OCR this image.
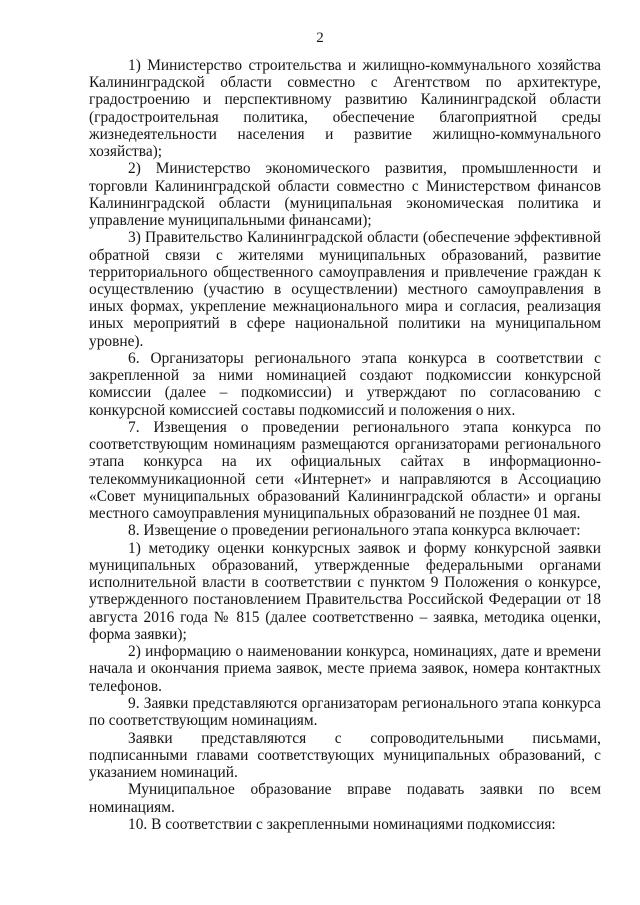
2

1) Министерство строительства и жилищно-коммунального хозяйства Калининградской области совместно с Агентством по архитектуре, градостроению и перспективному развитию Калининградской области (градостроительная политика, обеспечение благоприятной среды жизнедеятельности населения и развитие жилищно-коммунального хозяйства);

2) Министерство экономического развития, промышленности и торговли Калининградской области совместно с Министерством финансов Калининградской области (муниципальная экономическая политика и управление муниципальными финансами);

3) Правительство Калининградской области (обеспечение эффективной обратной связи с жителями муниципальных образований, развитие территориального общественного самоуправления и привлечение граждан к осуществлению (участию в осуществлении) местного самоуправления в иных формах, укрепление межнационального мира и согласия, реализация иных мероприятий в сфере национальной политики на муниципальном уровне).

6. Организаторы регионального этапа конкурса в соответствии с закрепленной за ними номинацией создают подкомиссии конкурсной комиссии (далее – подкомиссии) и утверждают по согласованию с конкурсной комиссией составы подкомиссий и положения о них.

7. Извещения о проведении регионального этапа конкурса по соответствующим номинациям размещаются организаторами регионального этапа конкурса на их официальных сайтах в информационно-телекоммуникационной сети «Интернет» и направляются в Ассоциацию «Совет муниципальных образований Калининградской области» и органы местного самоуправления муниципальных образований не позднее 01 мая.

8. Извещение о проведении регионального этапа конкурса включает:

1) методику оценки конкурсных заявок и форму конкурсной заявки муниципальных образований, утвержденные федеральными органами исполнительной власти в соответствии с пунктом 9 Положения о конкурсе, утвержденного постановлением Правительства Российской Федерации от 18 августа 2016 года № 815 (далее соответственно – заявка, методика оценки, форма заявки);

2) информацию о наименовании конкурса, номинациях, дате и времени начала и окончания приема заявок, месте приема заявок, номера контактных телефонов.

9. Заявки представляются организаторам регионального этапа конкурса по соответствующим номинациям.

Заявки представляются с сопроводительными письмами, подписанными главами соответствующих муниципальных образований, с указанием номинаций.

Муниципальное образование вправе подавать заявки по всем номинациям.

10. В соответствии с закрепленными номинациями подкомиссия:
